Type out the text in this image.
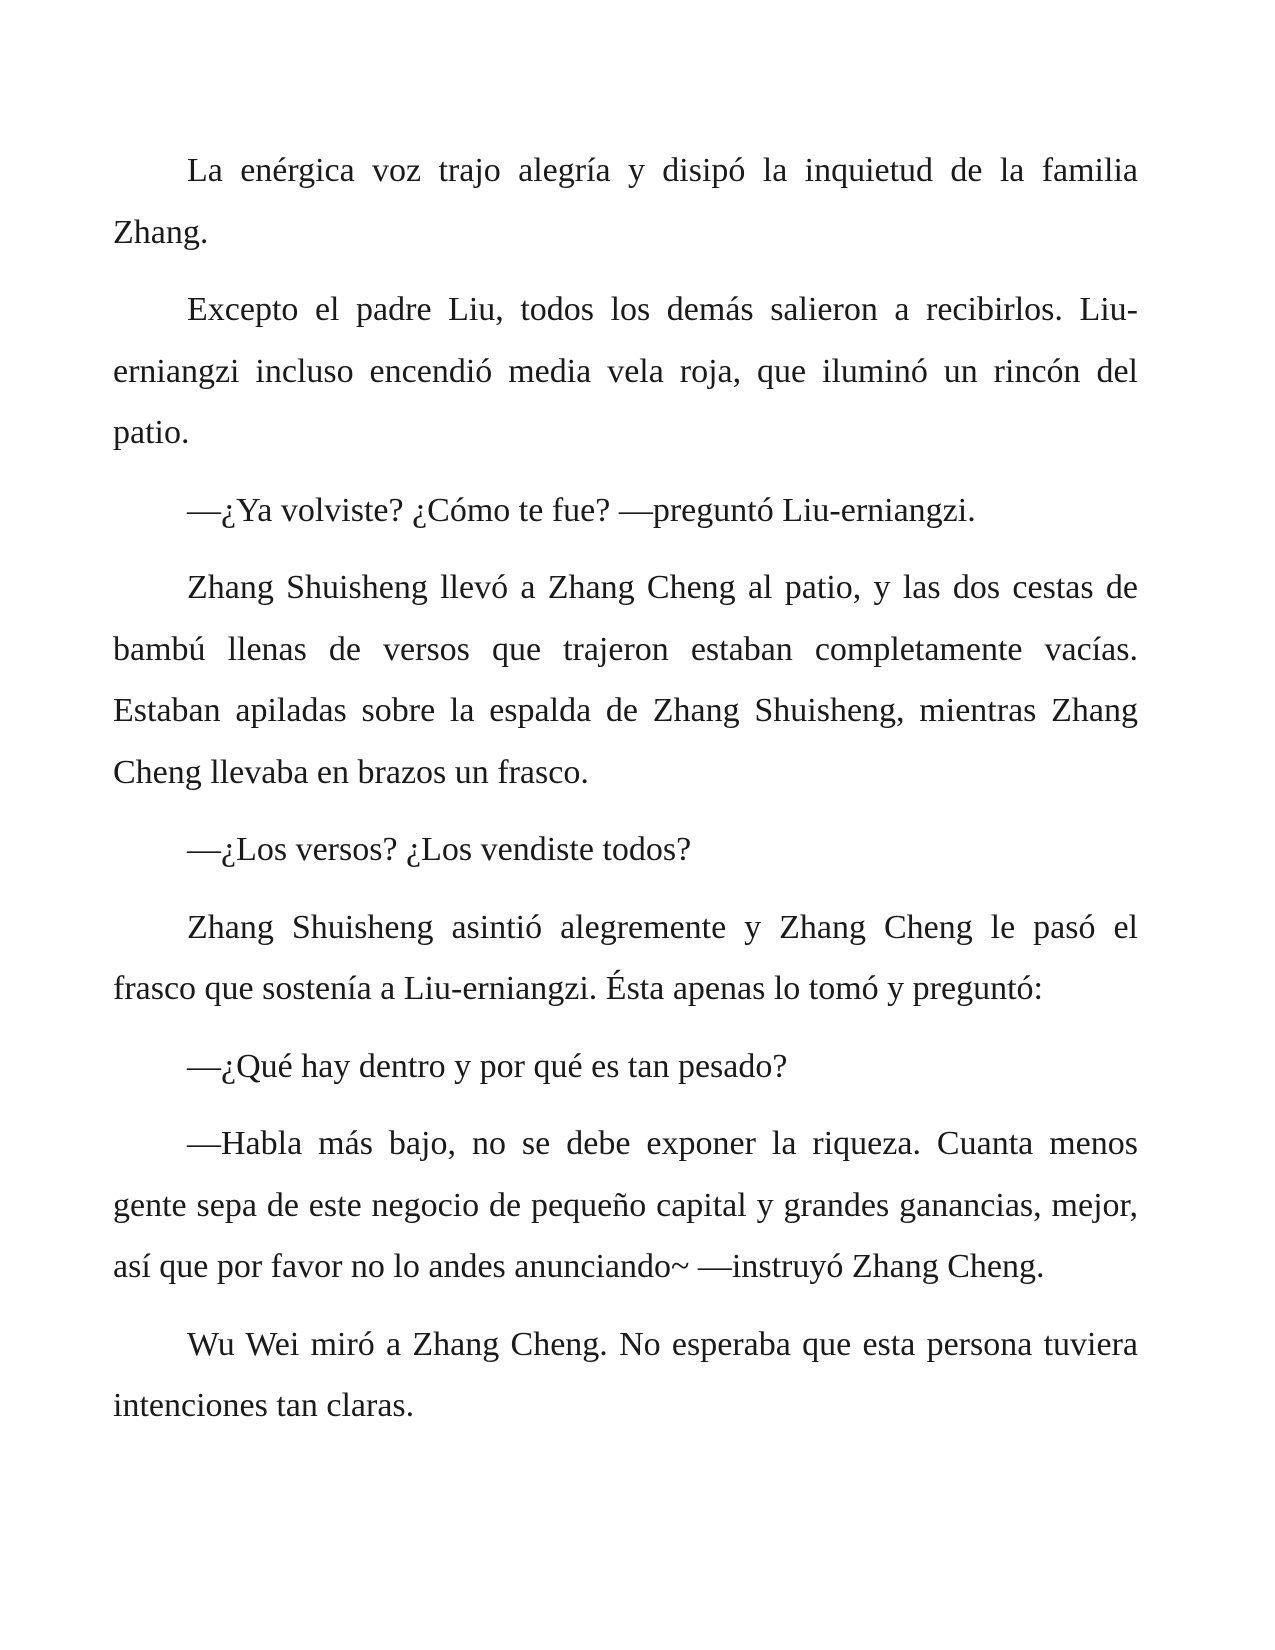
La enérgica voz trajo alegría y disipó la inquietud de la familia Zhang.

Excepto el padre Liu, todos los demás salieron a recibirlos. Liu-erniangzi incluso encendió media vela roja, que iluminó un rincón del patio.

—¿Ya volviste? ¿Cómo te fue? —preguntó Liu-erniangzi.

Zhang Shuisheng llevó a Zhang Cheng al patio, y las dos cestas de bambú llenas de versos que trajeron estaban completamente vacías. Estaban apiladas sobre la espalda de Zhang Shuisheng, mientras Zhang Cheng llevaba en brazos un frasco.

—¿Los versos? ¿Los vendiste todos?

Zhang Shuisheng asintió alegremente y Zhang Cheng le pasó el frasco que sostenía a Liu-erniangzi. Ésta apenas lo tomó y preguntó:

—¿Qué hay dentro y por qué es tan pesado?

—Habla más bajo, no se debe exponer la riqueza. Cuanta menos gente sepa de este negocio de pequeño capital y grandes ganancias, mejor, así que por favor no lo andes anunciando~ —instruyó Zhang Cheng.

Wu Wei miró a Zhang Cheng. No esperaba que esta persona tuviera intenciones tan claras.
